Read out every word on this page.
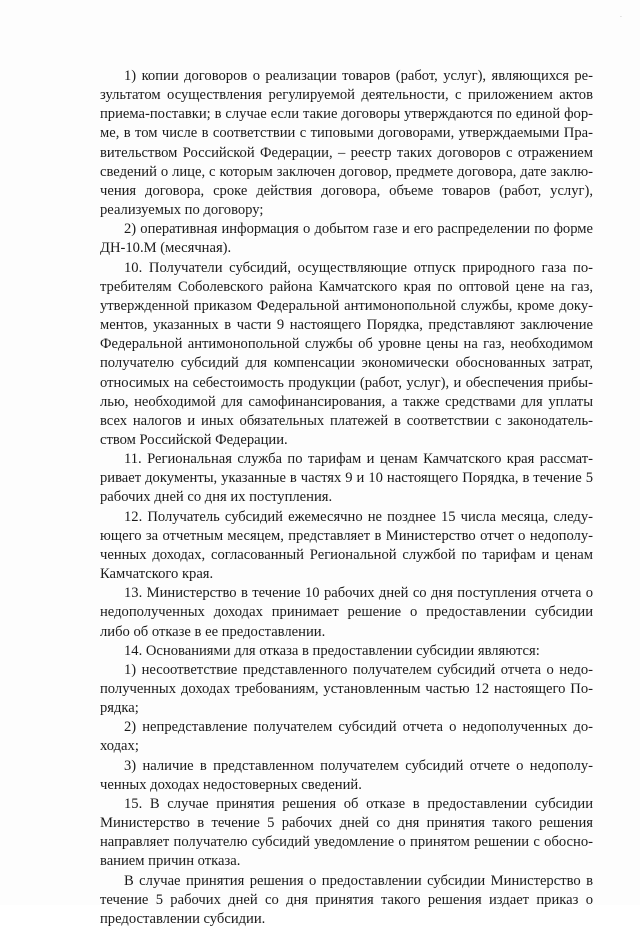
·

1) копии договоров о реализации товаров (работ, услуг), являющихся результатом осуществления регулируемой деятельности, с приложением актов приема-поставки; в случае если такие договоры утверждаются по единой форме, в том числе в соответствии с типовыми договорами, утверждаемыми Правительством Российской Федерации, – реестр таких договоров с отражением сведений о лице, с которым заключен договор, предмете договора, дате заключения договора, сроке действия договора, объеме товаров (работ, услуг), реализуемых по договору;

2) оперативная информация о добытом газе и его распределении по форме ДН-10.М (месячная).

10. Получатели субсидий, осуществляющие отпуск природного газа потребителям Соболевского района Камчатского края по оптовой цене на газ, утвержденной приказом Федеральной антимонопольной службы, кроме документов, указанных в части 9 настоящего Порядка, представляют заключение Федеральной антимонопольной службы об уровне цены на газ, необходимом получателю субсидий для компенсации экономически обоснованных затрат, относимых на себестоимость продукции (работ, услуг), и обеспечения прибылью, необходимой для самофинансирования, а также средствами для уплаты всех налогов и иных обязательных платежей в соответствии с законодательством Российской Федерации.

11. Региональная служба по тарифам и ценам Камчатского края рассматривает документы, указанные в частях 9 и 10 настоящего Порядка, в течение 5 рабочих дней со дня их поступления.

12. Получатель субсидий ежемесячно не позднее 15 числа месяца, следующего за отчетным месяцем, представляет в Министерство отчет о недополученных доходах, согласованный Региональной службой по тарифам и ценам Камчатского края.

13. Министерство в течение 10 рабочих дней со дня поступления отчета о недополученных доходах принимает решение о предоставлении субсидии либо об отказе в ее предоставлении.

14. Основаниями для отказа в предоставлении субсидии являются:

1) несоответствие представленного получателем субсидий отчета о недополученных доходах требованиям, установленным частью 12 настоящего Порядка;

2) непредставление получателем субсидий отчета о недополученных доходах;

3) наличие в представленном получателем субсидий отчете о недополученных доходах недостоверных сведений.

15. В случае принятия решения об отказе в предоставлении субсидии Министерство в течение 5 рабочих дней со дня принятия такого решения направляет получателю субсидий уведомление о принятом решении с обоснованием причин отказа.

В случае принятия решения о предоставлении субсидии Министерство в течение 5 рабочих дней со дня принятия такого решения издает приказ о предоставлении субсидии.
